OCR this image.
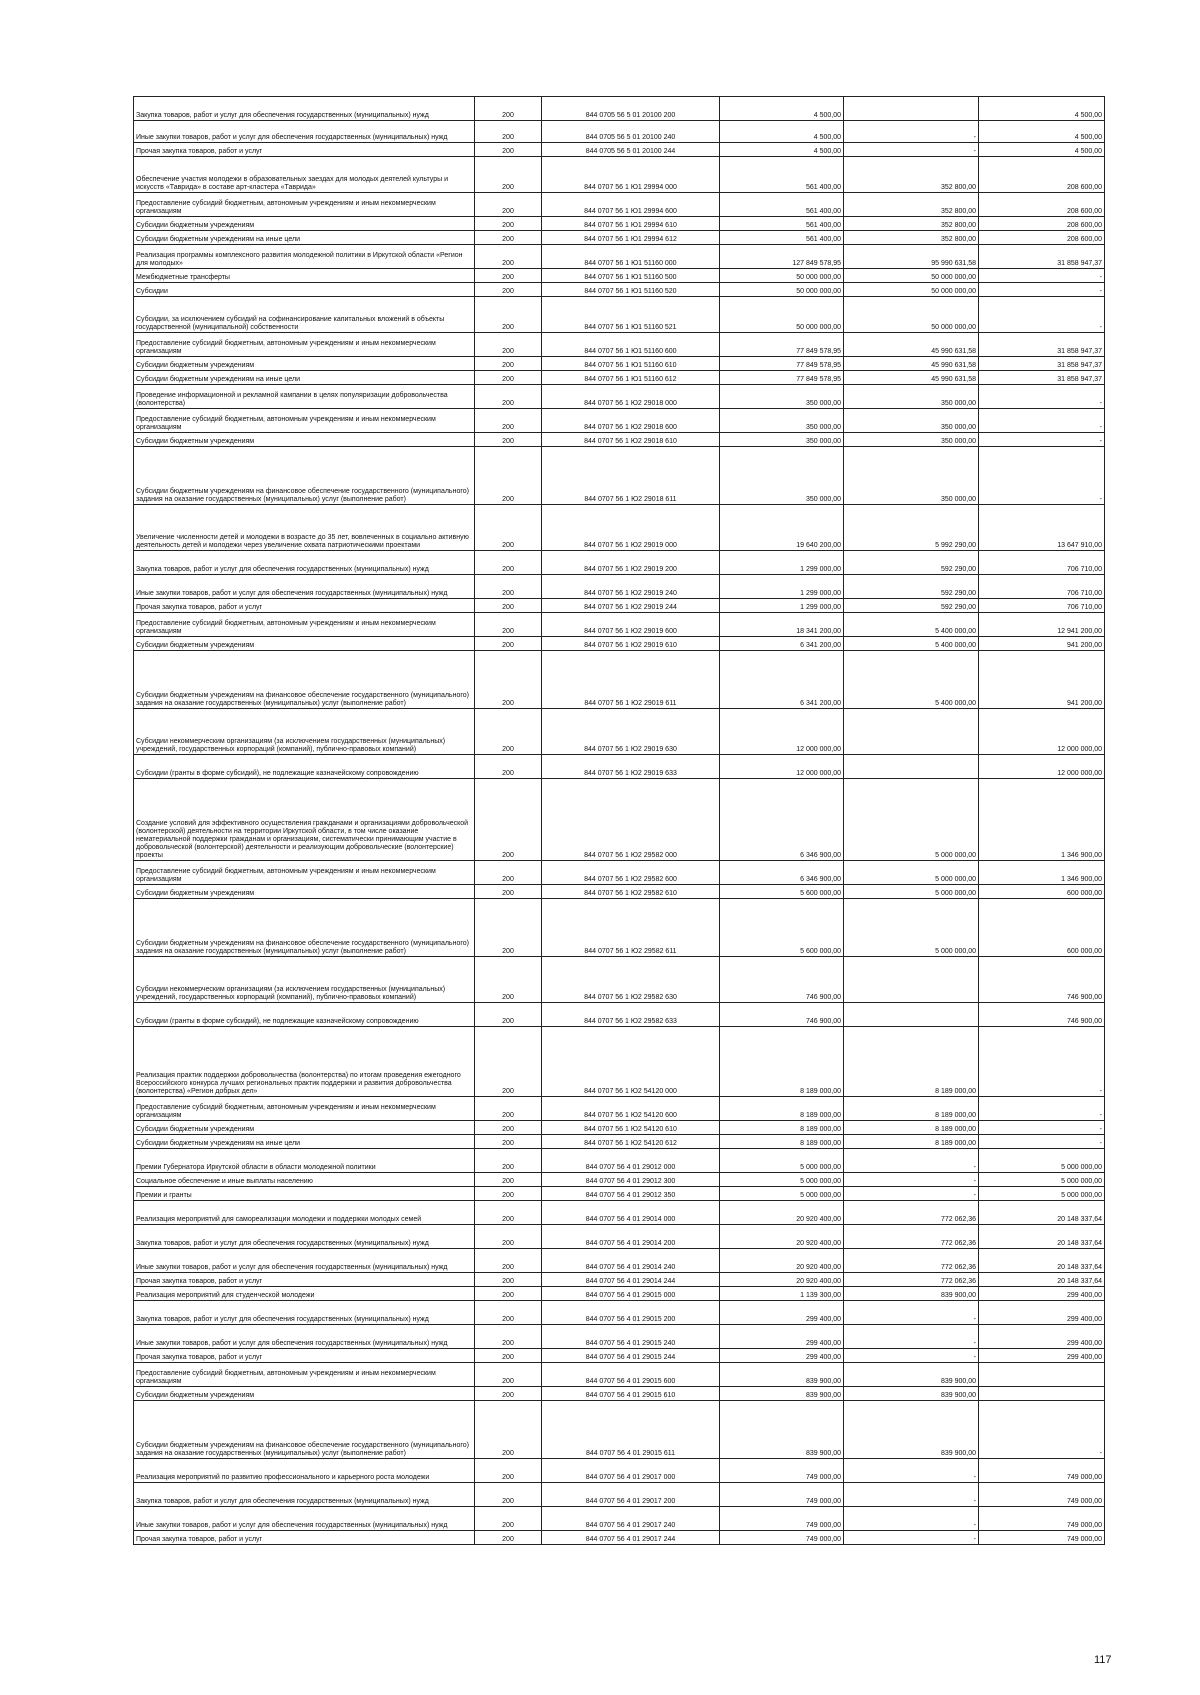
Закупка товаров, работ и услуг для обеспечения государственных (муниципальных) нужд	200	844 0705 56 5 01 20100 200	4 500,00		4 500,00
Иные закупки товаров, работ и услуг для обеспечения государственных (муниципальных) нужд	200	844 0705 56 5 01 20100 240	4 500,00	-	4 500,00
Прочая закупка товаров, работ и услуг	200	844 0705 56 5 01 20100 244	4 500,00	-	4 500,00
Обеспечение участия молодежи в образовательных заездах для молодых деятелей культуры и искусств «Таврида» в составе арт-кластера «Таврида»	200	844 0707 56 1 Ю1 29994 000	561 400,00	352 800,00	208 600,00
Предоставление субсидий бюджетным, автономным учреждениям и иным некоммерческим организациям	200	844 0707 56 1 Ю1 29994 600	561 400,00	352 800,00	208 600,00
Субсидии бюджетным учреждениям	200	844 0707 56 1 Ю1 29994 610	561 400,00	352 800,00	208 600,00
Субсидии бюджетным учреждениям на иные цели	200	844 0707 56 1 Ю1 29994 612	561 400,00	352 800,00	208 600,00
Реализация программы комплексного развития молодежной политики в Иркутской области «Регион для молодых»	200	844 0707 56 1 Ю1 51160 000	127 849 578,95	95 990 631,58	31 858 947,37
Межбюджетные трансферты	200	844 0707 56 1 Ю1 51160 500	50 000 000,00	50 000 000,00	-
Субсидии	200	844 0707 56 1 Ю1 51160 520	50 000 000,00	50 000 000,00	-
Субсидии, за исключением субсидий на софинансирование капитальных вложений в объекты государственной (муниципальной) собственности	200	844 0707 56 1 Ю1 51160 521	50 000 000,00	50 000 000,00	-
Предоставление субсидий бюджетным, автономным учреждениям и иным некоммерческим организациям	200	844 0707 56 1 Ю1 51160 600	77 849 578,95	45 990 631,58	31 858 947,37
Субсидии бюджетным учреждениям	200	844 0707 56 1 Ю1 51160 610	77 849 578,95	45 990 631,58	31 858 947,37
Субсидии бюджетным учреждениям на иные цели	200	844 0707 56 1 Ю1 51160 612	77 849 578,95	45 990 631,58	31 858 947,37
Проведение информационной и рекламной кампании в целях популяризации добровольчества (волонтерства)	200	844 0707 56 1 Ю2 29018 000	350 000,00	350 000,00	-
Предоставление субсидий бюджетным, автономным учреждениям и иным некоммерческим организациям	200	844 0707 56 1 Ю2 29018 600	350 000,00	350 000,00	-
Субсидии бюджетным учреждениям	200	844 0707 56 1 Ю2 29018 610	350 000,00	350 000,00	-
Субсидии бюджетным учреждениям на финансовое обеспечение государственного (муниципального) задания на оказание государственных (муниципальных) услуг (выполнение работ)	200	844 0707 56 1 Ю2 29018 611	350 000,00	350 000,00	-
Увеличение численности детей и молодежи в возрасте до 35 лет, вовлеченных в социально активную деятельность детей и молодежи через увеличение охвата патриотическими проектами	200	844 0707 56 1 Ю2 29019 000	19 640 200,00	5 992 290,00	13 647 910,00
Закупка товаров, работ и услуг для обеспечения государственных (муниципальных) нужд	200	844 0707 56 1 Ю2 29019 200	1 299 000,00	592 290,00	706 710,00
Иные закупки товаров, работ и услуг для обеспечения государственных (муниципальных) нужд	200	844 0707 56 1 Ю2 29019 240	1 299 000,00	592 290,00	706 710,00
Прочая закупка товаров, работ и услуг	200	844 0707 56 1 Ю2 29019 244	1 299 000,00	592 290,00	706 710,00
Предоставление субсидий бюджетным, автономным учреждениям и иным некоммерческим организациям	200	844 0707 56 1 Ю2 29019 600	18 341 200,00	5 400 000,00	12 941 200,00
Субсидии бюджетным учреждениям	200	844 0707 56 1 Ю2 29019 610	6 341 200,00	5 400 000,00	941 200,00
Субсидии бюджетным учреждениям на финансовое обеспечение государственного (муниципального) задания на оказание государственных (муниципальных) услуг (выполнение работ)	200	844 0707 56 1 Ю2 29019 611	6 341 200,00	5 400 000,00	941 200,00
Субсидии некоммерческим организациям (за исключением государственных (муниципальных) учреждений, государственных корпораций (компаний), публично-правовых компаний)	200	844 0707 56 1 Ю2 29019 630	12 000 000,00		12 000 000,00
Субсидии (гранты в форме субсидий), не подлежащие казначейскому сопровождению	200	844 0707 56 1 Ю2 29019 633	12 000 000,00		12 000 000,00
Создание условий для эффективного осуществления гражданами и организациями добровольческой (волонтерской) деятельности на территории Иркутской области, в том числе оказание нематериальной поддержки гражданам и организациям, систематически принимающим участие в добровольческой (волонтерской) деятельности и реализующим добровольческие (волонтерские) проекты	200	844 0707 56 1 Ю2 29582 000	6 346 900,00	5 000 000,00	1 346 900,00
Предоставление субсидий бюджетным, автономным учреждениям и иным некоммерческим организациям	200	844 0707 56 1 Ю2 29582 600	6 346 900,00	5 000 000,00	1 346 900,00
Субсидии бюджетным учреждениям	200	844 0707 56 1 Ю2 29582 610	5 600 000,00	5 000 000,00	600 000,00
Субсидии бюджетным учреждениям на финансовое обеспечение государственного (муниципального) задания на оказание государственных (муниципальных) услуг (выполнение работ)	200	844 0707 56 1 Ю2 29582 611	5 600 000,00	5 000 000,00	600 000,00
Субсидии некоммерческим организациям (за исключением государственных (муниципальных) учреждений, государственных корпораций (компаний), публично-правовых компаний)	200	844 0707 56 1 Ю2 29582 630	746 900,00		746 900,00
Субсидии (гранты в форме субсидий), не подлежащие казначейскому сопровождению	200	844 0707 56 1 Ю2 29582 633	746 900,00		746 900,00
Реализация практик поддержки добровольчества (волонтерства) по итогам проведения ежегодного Всероссийского конкурса лучших региональных практик поддержки и развития добровольчества (волонтерства) «Регион добрых дел»	200	844 0707 56 1 Ю2 54120 000	8 189 000,00	8 189 000,00	-
Предоставление субсидий бюджетным, автономным учреждениям и иным некоммерческим организациям	200	844 0707 56 1 Ю2 54120 600	8 189 000,00	8 189 000,00	-
Субсидии бюджетным учреждениям	200	844 0707 56 1 Ю2 54120 610	8 189 000,00	8 189 000,00	-
Субсидии бюджетным учреждениям на иные цели	200	844 0707 56 1 Ю2 54120 612	8 189 000,00	8 189 000,00	-
Премии Губернатора Иркутской области в области молодежной политики	200	844 0707 56 4 01 29012 000	5 000 000,00	-	5 000 000,00
Социальное обеспечение и иные выплаты населению	200	844 0707 56 4 01 29012 300	5 000 000,00	-	5 000 000,00
Премии и гранты	200	844 0707 56 4 01 29012 350	5 000 000,00	-	5 000 000,00
Реализация мероприятий для самореализации молодежи и поддержки молодых семей	200	844 0707 56 4 01 29014 000	20 920 400,00	772 062,36	20 148 337,64
Закупка товаров, работ и услуг для обеспечения государственных (муниципальных) нужд	200	844 0707 56 4 01 29014 200	20 920 400,00	772 062,36	20 148 337,64
Иные закупки товаров, работ и услуг для обеспечения государственных (муниципальных) нужд	200	844 0707 56 4 01 29014 240	20 920 400,00	772 062,36	20 148 337,64
Прочая закупка товаров, работ и услуг	200	844 0707 56 4 01 29014 244	20 920 400,00	772 062,36	20 148 337,64
Реализация мероприятий для студенческой молодежи	200	844 0707 56 4 01 29015 000	1 139 300,00	839 900,00	299 400,00
Закупка товаров, работ и услуг для обеспечения государственных (муниципальных) нужд	200	844 0707 56 4 01 29015 200	299 400,00	-	299 400,00
Иные закупки товаров, работ и услуг для обеспечения государственных (муниципальных) нужд	200	844 0707 56 4 01 29015 240	299 400,00	-	299 400,00
Прочая закупка товаров, работ и услуг	200	844 0707 56 4 01 29015 244	299 400,00	-	299 400,00
Предоставление субсидий бюджетным, автономным учреждениям и иным некоммерческим организациям	200	844 0707 56 4 01 29015 600	839 900,00	839 900,00	
Субсидии бюджетным учреждениям	200	844 0707 56 4 01 29015 610	839 900,00	839 900,00	
Субсидии бюджетным учреждениям на финансовое обеспечение государственного (муниципального) задания на оказание государственных (муниципальных) услуг (выполнение работ)	200	844 0707 56 4 01 29015 611	839 900,00	839 900,00	-
Реализация мероприятий по развитию профессионального и карьерного роста молодежи	200	844 0707 56 4 01 29017 000	749 000,00	-	749 000,00
Закупка товаров, работ и услуг для обеспечения государственных (муниципальных) нужд	200	844 0707 56 4 01 29017 200	749 000,00	-	749 000,00
Иные закупки товаров, работ и услуг для обеспечения государственных (муниципальных) нужд	200	844 0707 56 4 01 29017 240	749 000,00	-	749 000,00
Прочая закупка товаров, работ и услуг	200	844 0707 56 4 01 29017 244	749 000,00	-	749 000,00
117
